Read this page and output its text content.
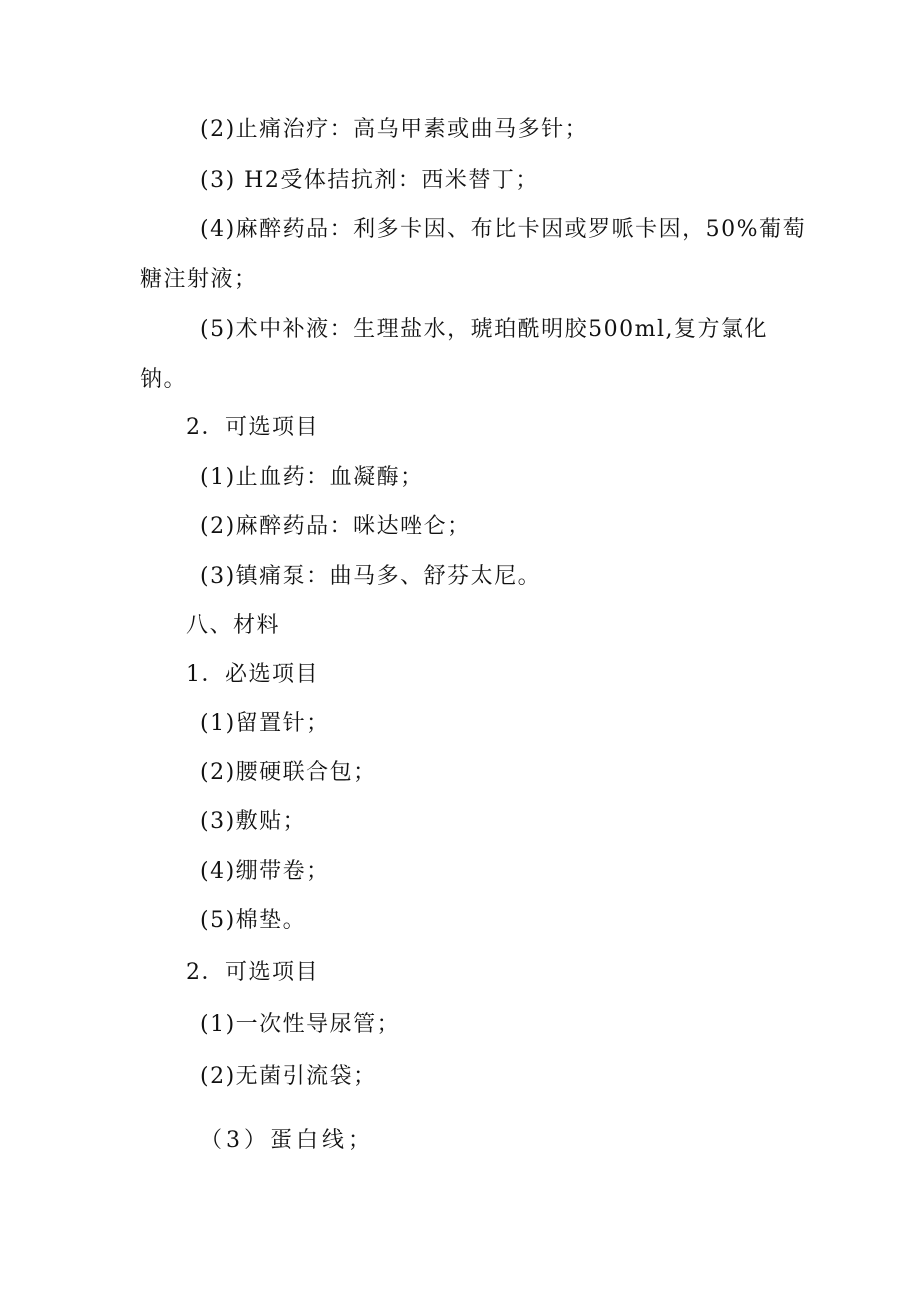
(2)止痛治疗：高乌甲素或曲马多针；
(3) H2受体拮抗剂：西米替丁；
(4)麻醉药品：利多卡因、布比卡因或罗哌卡因，50%葡萄
糖注射液；
(5)术中补液：生理盐水，琥珀酰明胶500ml,复方氯化
钠。
2．可选项目
(1)止血药：血凝酶；
(2)麻醉药品：咪达唑仑；
(3)镇痛泵：曲马多、舒芬太尼。
八、材料
1．必选项目
(1)留置针；
(2)腰硬联合包；
(3)敷贴；
(4)绷带卷；
(5)棉垫。
2．可选项目
(1)一次性导尿管；
(2)无菌引流袋；
（3）蛋白线；
